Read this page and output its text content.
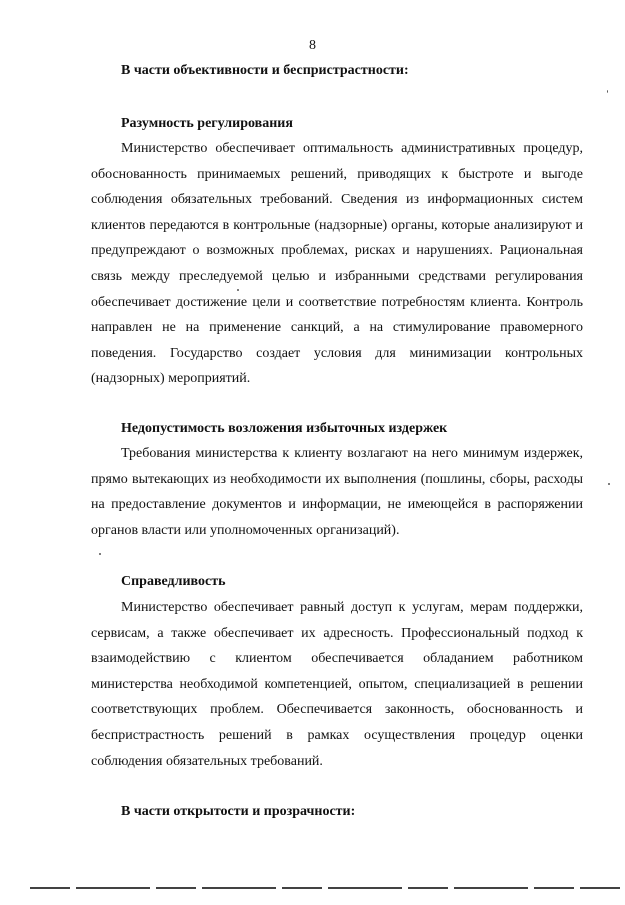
8
В части объективности и беспристрастности:
Разумность регулирования
Министерство обеспечивает оптимальность административных процедур, обоснованность принимаемых решений, приводящих к быстроте и выгоде соблюдения обязательных требований. Сведения из информационных систем клиентов передаются в контрольные (надзорные) органы, которые анализируют и предупреждают о возможных проблемах, рисках и нарушениях. Рациональная связь между преследуемой целью и избранными средствами регулирования обеспечивает достижение цели и соответствие потребностям клиента. Контроль направлен не на применение санкций, а на стимулирование правомерного поведения. Государство создает условия для минимизации контрольных (надзорных) мероприятий.
Недопустимость возложения избыточных издержек
Требования министерства к клиенту возлагают на него минимум издержек, прямо вытекающих из необходимости их выполнения (пошлины, сборы, расходы на предоставление документов и информации, не имеющейся в распоряжении органов власти или уполномоченных организаций).
Справедливость
Министерство обеспечивает равный доступ к услугам, мерам поддержки, сервисам, а также обеспечивает их адресность. Профессиональный подход к взаимодействию с клиентом обеспечивается обладанием работником министерства необходимой компетенцией, опытом, специализацией в решении соответствующих проблем. Обеспечивается законность, обоснованность и беспристрастность решений в рамках осуществления процедур оценки соблюдения обязательных требований.
В части открытости и прозрачности:
